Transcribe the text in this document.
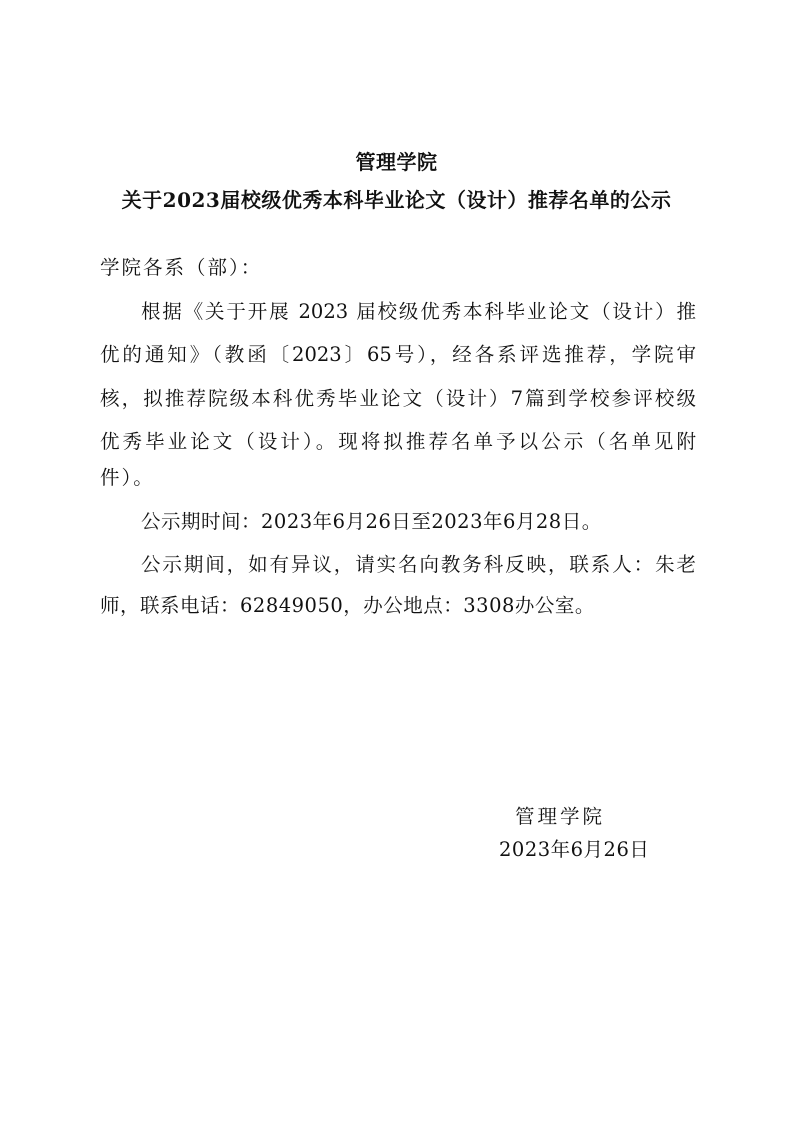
管理学院
关于2023届校级优秀本科毕业论文（设计）推荐名单的公示
学院各系（部）：
根据《关于开展 2023 届校级优秀本科毕业论文（设计）推
优的通知》（教函〔2023〕65号），经各系评选推荐，学院审
核，拟推荐院级本科优秀毕业论文（设计）7篇到学校参评校级
优秀毕业论文（设计）。现将拟推荐名单予以公示（名单见附
件）。
公示期时间：2023年6月26日至2023年6月28日。
公示期间，如有异议，请实名向教务科反映，联系人：朱老
师，联系电话：62849050，办公地点：3308办公室。
管理学院
2023年6月26日
